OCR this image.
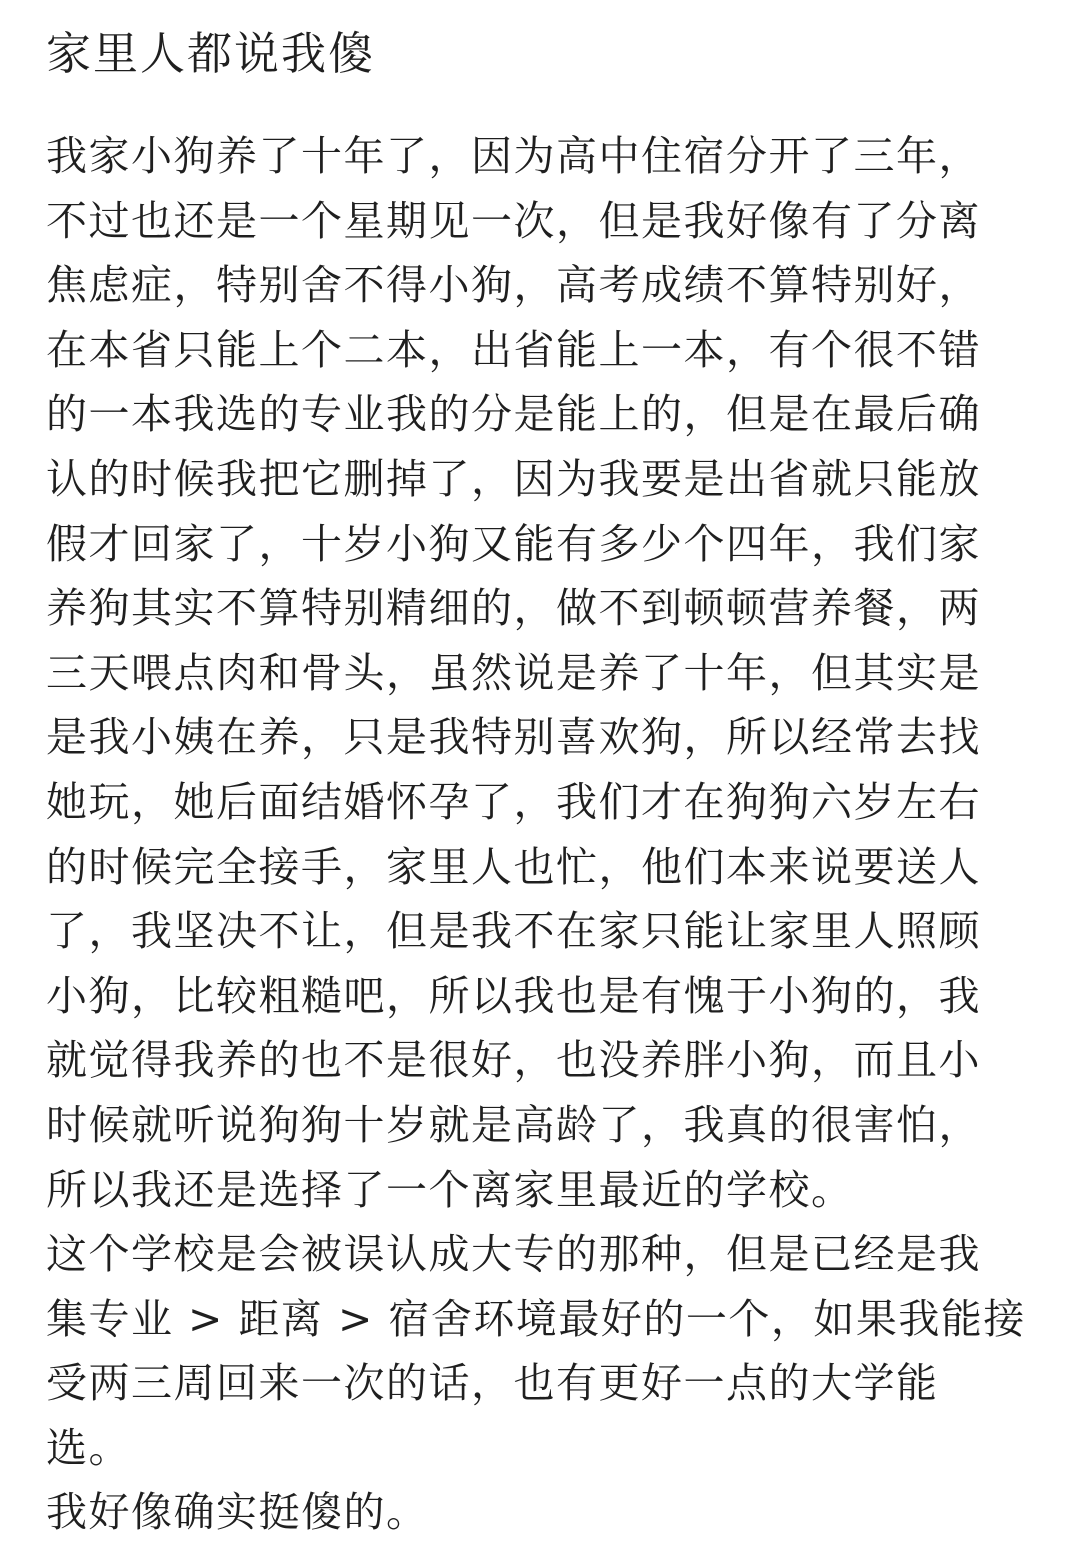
家里人都说我傻
我家小狗养了十年了，因为高中住宿分开了三年，
不过也还是一个星期见一次，但是我好像有了分离
焦虑症，特别舍不得小狗，高考成绩不算特别好，
在本省只能上个二本，出省能上一本，有个很不错
的一本我选的专业我的分是能上的，但是在最后确
认的时候我把它删掉了，因为我要是出省就只能放
假才回家了，十岁小狗又能有多少个四年，我们家
养狗其实不算特别精细的，做不到顿顿营养餐，两
三天喂点肉和骨头，虽然说是养了十年，但其实是
是我小姨在养，只是我特别喜欢狗，所以经常去找
她玩，她后面结婚怀孕了，我们才在狗狗六岁左右
的时候完全接手，家里人也忙，他们本来说要送人
了，我坚决不让，但是我不在家只能让家里人照顾
小狗，比较粗糙吧，所以我也是有愧于小狗的，我
就觉得我养的也不是很好，也没养胖小狗，而且小
时候就听说狗狗十岁就是高龄了，我真的很害怕，
所以我还是选择了一个离家里最近的学校。
这个学校是会被误认成大专的那种，但是已经是我
集专业 > 距离 > 宿舍环境最好的一个，如果我能接
受两三周回来一次的话，也有更好一点的大学能
选。
我好像确实挺傻的。
